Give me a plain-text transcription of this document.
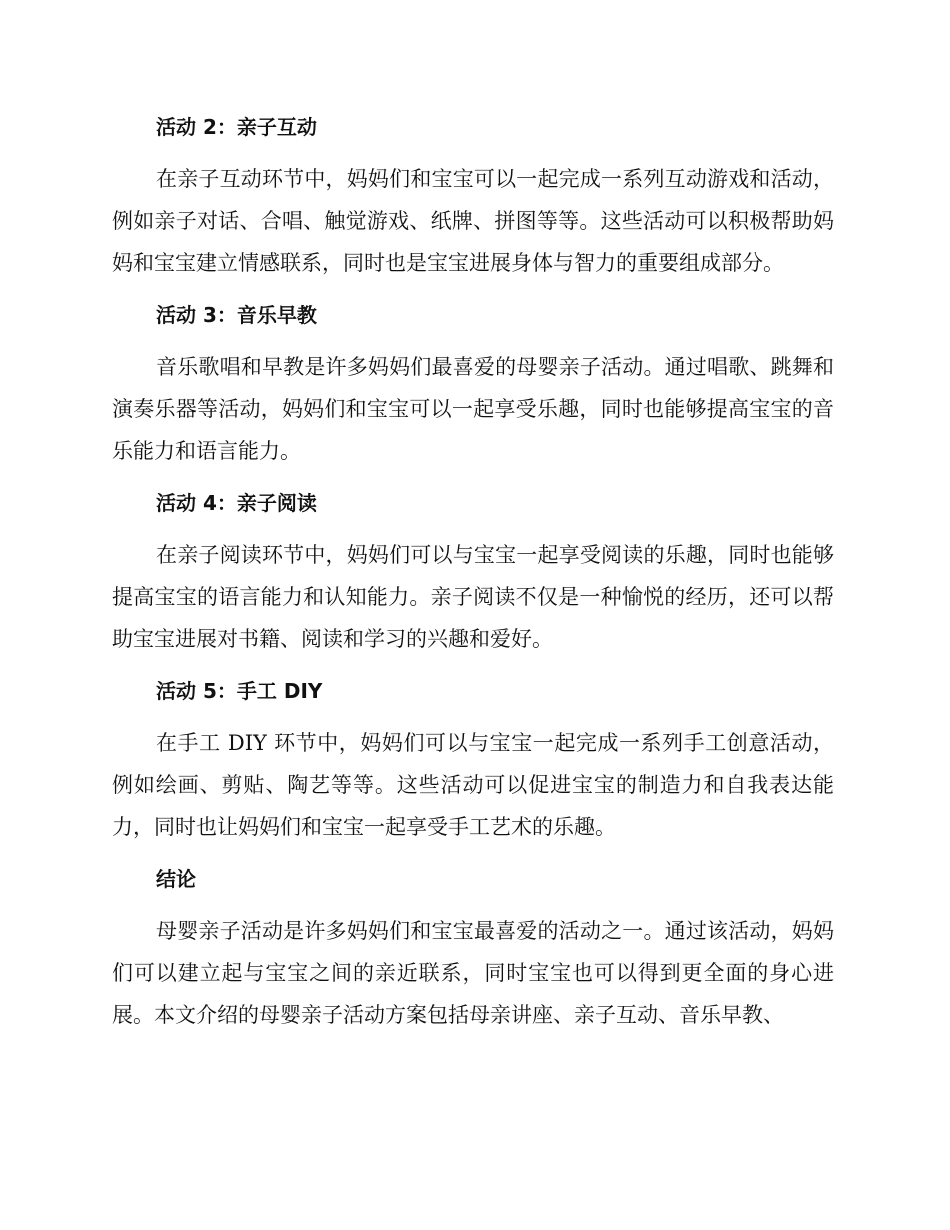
活动 2：亲子互动

在亲子互动环节中，妈妈们和宝宝可以一起完成一系列互动游戏和活动，例如亲子对话、合唱、触觉游戏、纸牌、拼图等等。这些活动可以积极帮助妈妈和宝宝建立情感联系，同时也是宝宝进展身体与智力的重要组成部分。

活动 3：音乐早教

音乐歌唱和早教是许多妈妈们最喜爱的母婴亲子活动。通过唱歌、跳舞和演奏乐器等活动，妈妈们和宝宝可以一起享受乐趣，同时也能够提高宝宝的音乐能力和语言能力。

活动 4：亲子阅读

在亲子阅读环节中，妈妈们可以与宝宝一起享受阅读的乐趣，同时也能够提高宝宝的语言能力和认知能力。亲子阅读不仅是一种愉悦的经历，还可以帮助宝宝进展对书籍、阅读和学习的兴趣和爱好。

活动 5：手工 DIY

在手工 DIY 环节中，妈妈们可以与宝宝一起完成一系列手工创意活动，例如绘画、剪贴、陶艺等等。这些活动可以促进宝宝的制造力和自我表达能力，同时也让妈妈们和宝宝一起享受手工艺术的乐趣。

结论

母婴亲子活动是许多妈妈们和宝宝最喜爱的活动之一。通过该活动，妈妈们可以建立起与宝宝之间的亲近联系，同时宝宝也可以得到更全面的身心进展。本文介绍的母婴亲子活动方案包括母亲讲座、亲子互动、音乐早教、
